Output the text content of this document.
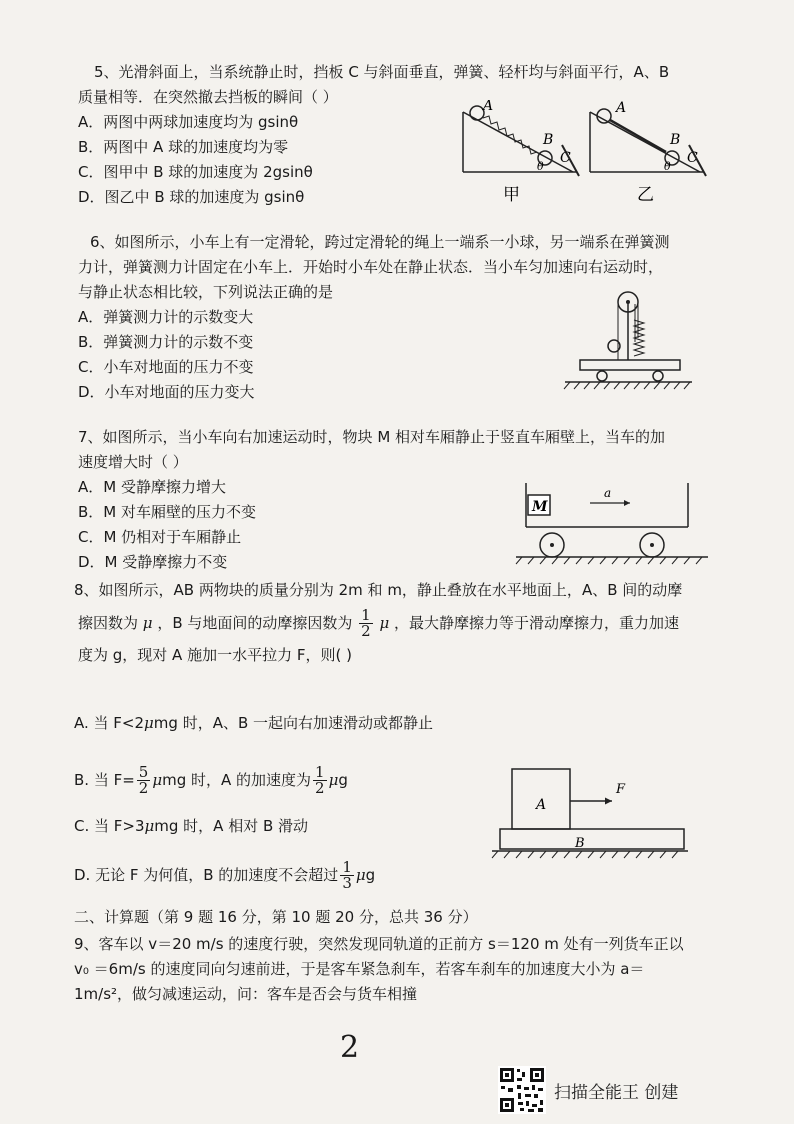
5、光滑斜面上，当系统静止时，挡板 C 与斜面垂直，弹簧、轻杆均与斜面平行，A、B
质量相等．在突然撤去挡板的瞬间（ ）
A．两图中两球加速度均为 gsinθ
B．两图中 A 球的加速度均为零
C．图甲中 B 球的加速度为 2gsinθ
D．图乙中 B 球的加速度为 gsinθ
A
B
C
θ
甲
A
B
C
θ
乙
6、如图所示，小车上有一定滑轮，跨过定滑轮的绳上一端系一小球，另一端系在弹簧测
力计，弹簧测力计固定在小车上．开始时小车处在静止状态．当小车匀加速向右运动时，
与静止状态相比较，下列说法正确的是
A．弹簧测力计的示数变大
B．弹簧测力计的示数不变
C．小车对地面的压力不变
D．小车对地面的压力变大
7、如图所示，当小车向右加速运动时，物块 M 相对车厢静止于竖直车厢壁上，当车的加
速度增大时（ ）
A．M 受静摩擦力增大
B．M 对车厢壁的压力不变
C．M 仍相对于车厢静止
D．M 受静摩擦力不变
M
a
8、如图所示，AB 两物块的质量分别为 2m 和 m，静止叠放在水平地面上，A、B 间的动摩
擦因数为 μ ，B 与地面间的动摩擦因数为 $\frac{1}{2}$ μ ，最大静摩擦力等于滑动摩擦力，重力加速
度为 g，现对 A 施加一水平拉力 F，则( )
A. 当 F<2μmg 时，A、B 一起向右加速滑动或都静止
B. 当 $F= \frac{5}{2}$ μmg 时，A 的加速度为 $\frac{1}{2}$ μg
C. 当 F>3μmg 时，A 相对 B 滑动
D. 无论 F 为何值，B 的加速度不会超过 $\frac{1}{3}$ μg
A
F
B
二、计算题（第 9 题 16 分，第 10 题 20 分，总共 36 分）
9、客车以 v＝20 m/s 的速度行驶，突然发现同轨道的正前方 s＝120 m 处有一列货车正以
v₀ ＝6m/s 的速度同向匀速前进，于是客车紧急刹车，若客车刹车的加速度大小为 a＝
1m/s²，做匀减速运动，问：客车是否会与货车相撞
2
扫描全能王 创建
